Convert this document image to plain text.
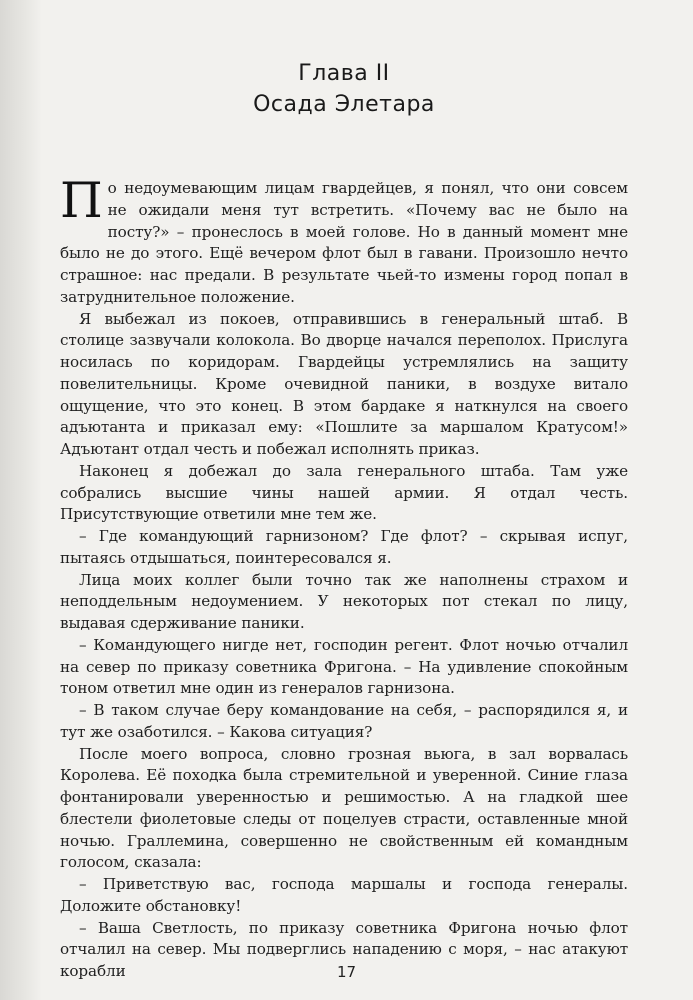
Глава II
Осада Элетара

По недоумевающим лицам гвардейцев, я понял, что они совсем не ожидали меня тут встретить. «Почему вас не было на посту?» – пронеслось в моей голове. Но в данный момент мне было не до этого. Ещё вечером флот был в гавани. Произошло нечто страшное: нас предали. В результате чьей-то измены город попал в затруднительное положение.

Я выбежал из покоев, отправившись в генеральный штаб. В столице зазвучали колокола. Во дворце начался переполох. Прислуга носилась по коридорам. Гвардейцы устремлялись на защиту повелительницы. Кроме очевидной паники, в воздухе витало ощущение, что это конец. В этом бардаке я наткнулся на своего адъютанта и приказал ему: «Пошлите за маршалом Кратусом!» Адъютант отдал честь и побежал исполнять приказ.

Наконец я добежал до зала генерального штаба. Там уже собрались высшие чины нашей армии. Я отдал честь. Присутствующие ответили мне тем же.

– Где командующий гарнизоном? Где флот? – скрывая испуг, пытаясь отдышаться, поинтересовался я.

Лица моих коллег были точно так же наполнены страхом и неподдельным недоумением. У некоторых пот стекал по лицу, выдавая сдерживание паники.

– Командующего нигде нет, господин регент. Флот ночью отчалил на север по приказу советника Фригона. – На удивление спокойным тоном ответил мне один из генералов гарнизона.

– В таком случае беру командование на себя, – распорядился я, и тут же озаботился. – Какова ситуация?

После моего вопроса, словно грозная вьюга, в зал ворвалась Королева. Её походка была стремительной и уверенной. Синие глаза фонтанировали уверенностью и решимостью. А на гладкой шее блестели фиолетовые следы от поцелуев страсти, оставленные мной ночью. Граллемина, совершенно не свойственным ей командным голосом, сказала:

– Приветствую вас, господа маршалы и господа генералы. Доложите обстановку!

– Ваша Светлость, по приказу советника Фригона ночью флот отчалил на север. Мы подверглись нападению с моря, – нас атакуют корабли	17
